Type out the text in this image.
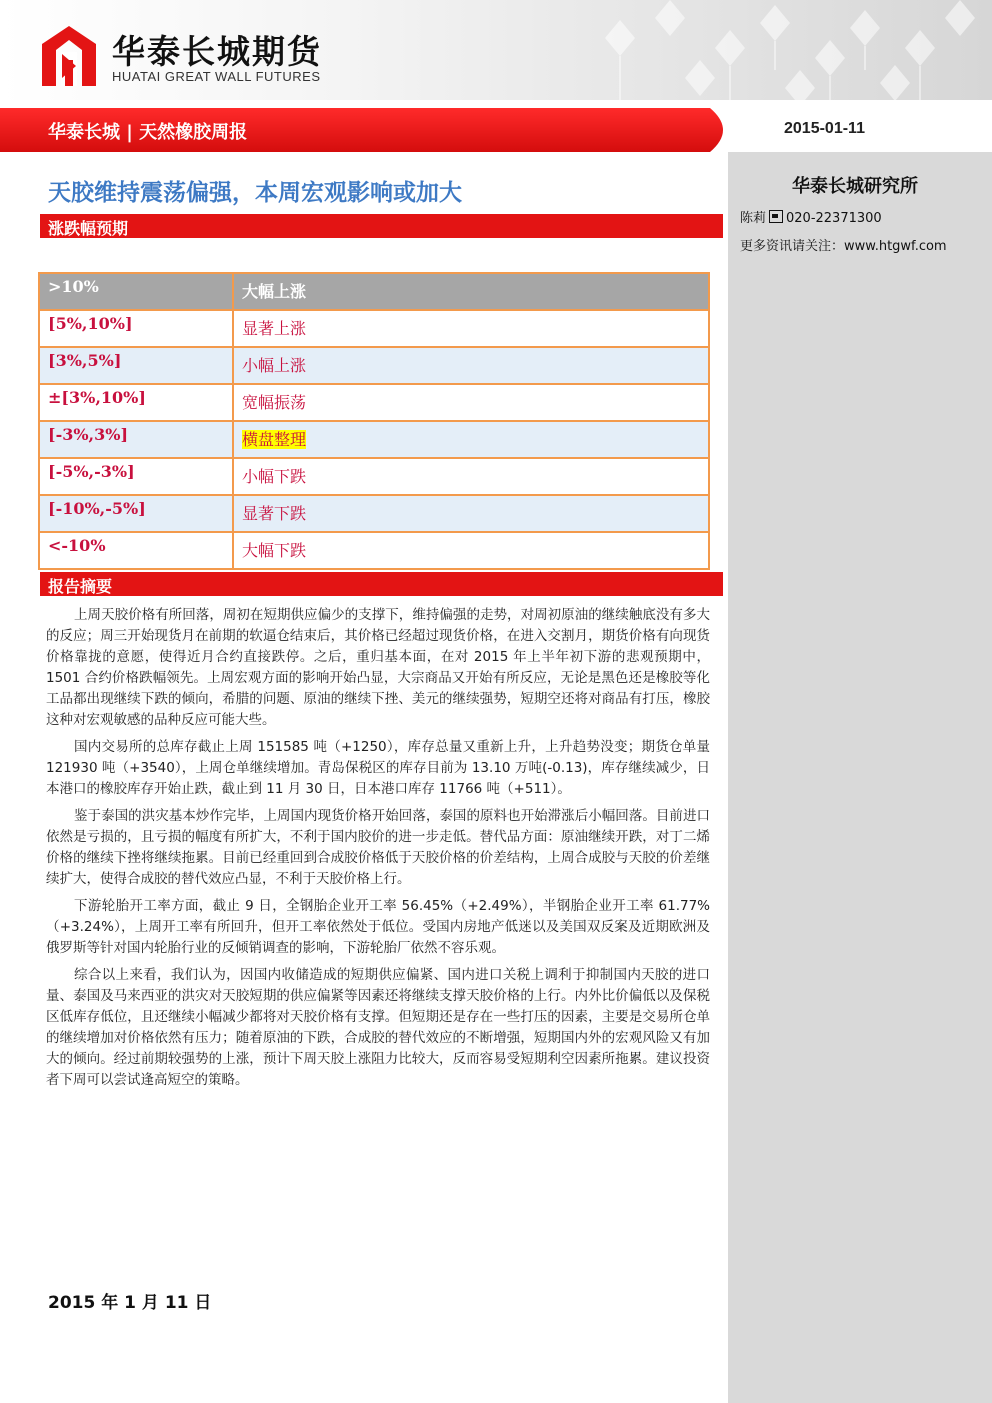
华泰长城期货
HUATAI GREAT WALL FUTURES
华泰长城 | 天然橡胶周报	2015-01-11
华泰长城研究所
陈莉 020-22371300
更多资讯请关注：www.htgwf.com
天胶维持震荡偏强，本周宏观影响或加大
涨跌幅预期
>10%	大幅上涨
[5%,10%]	显著上涨
[3%,5%]	小幅上涨
±[3%,10%]	宽幅振荡
[-3%,3%]	横盘整理
[-5%,-3%]	小幅下跌
[-10%,-5%]	显著下跌
<-10%	大幅下跌
报告摘要

上周天胶价格有所回落，周初在短期供应偏少的支撑下，维持偏强的走势，对周初原油的继续触底没有多大的反应；周三开始现货月在前期的软逼仓结束后，其价格已经超过现货价格，在进入交割月，期货价格有向现货价格靠拢的意愿，使得近月合约直接跌停。之后，重归基本面，在对 2015 年上半年初下游的悲观预期中，1501 合约价格跌幅领先。上周宏观方面的影响开始凸显，大宗商品又开始有所反应，无论是黑色还是橡胶等化工品都出现继续下跌的倾向，希腊的问题、原油的继续下挫、美元的继续强势，短期空还将对商品有打压，橡胶这种对宏观敏感的品种反应可能大些。

国内交易所的总库存截止上周 151585 吨（+1250），库存总量又重新上升，上升趋势没变；期货仓单量 121930 吨（+3540），上周仓单继续增加。青岛保税区的库存目前为 13.10 万吨(-0.13)，库存继续减少，日本港口的橡胶库存开始止跌，截止到 11 月 30 日，日本港口库存 11766 吨（+511）。

鉴于泰国的洪灾基本炒作完毕，上周国内现货价格开始回落，泰国的原料也开始滞涨后小幅回落。目前进口依然是亏损的，且亏损的幅度有所扩大，不利于国内胶价的进一步走低。替代品方面：原油继续开跌，对丁二烯价格的继续下挫将继续拖累。目前已经重回到合成胶价格低于天胶价格的价差结构，上周合成胶与天胶的价差继续扩大，使得合成胶的替代效应凸显，不利于天胶价格上行。

下游轮胎开工率方面，截止 9 日，全钢胎企业开工率 56.45%（+2.49%），半钢胎企业开工率 61.77%（+3.24%），上周开工率有所回升，但开工率依然处于低位。受国内房地产低迷以及美国双反案及近期欧洲及俄罗斯等针对国内轮胎行业的反倾销调查的影响，下游轮胎厂依然不容乐观。

综合以上来看，我们认为，因国内收储造成的短期供应偏紧、国内进口关税上调利于抑制国内天胶的进口量、泰国及马来西亚的洪灾对天胶短期的供应偏紧等因素还将继续支撑天胶价格的上行。内外比价偏低以及保税区低库存低位，且还继续小幅减少都将对天胶价格有支撑。但短期还是存在一些打压的因素，主要是交易所仓单的继续增加对价格依然有压力；随着原油的下跌，合成胶的替代效应的不断增强，短期国内外的宏观风险又有加大的倾向。经过前期较强势的上涨，预计下周天胶上涨阻力比较大，反而容易受短期利空因素所拖累。建议投资者下周可以尝试逢高短空的策略。

2015 年 1 月 11 日
